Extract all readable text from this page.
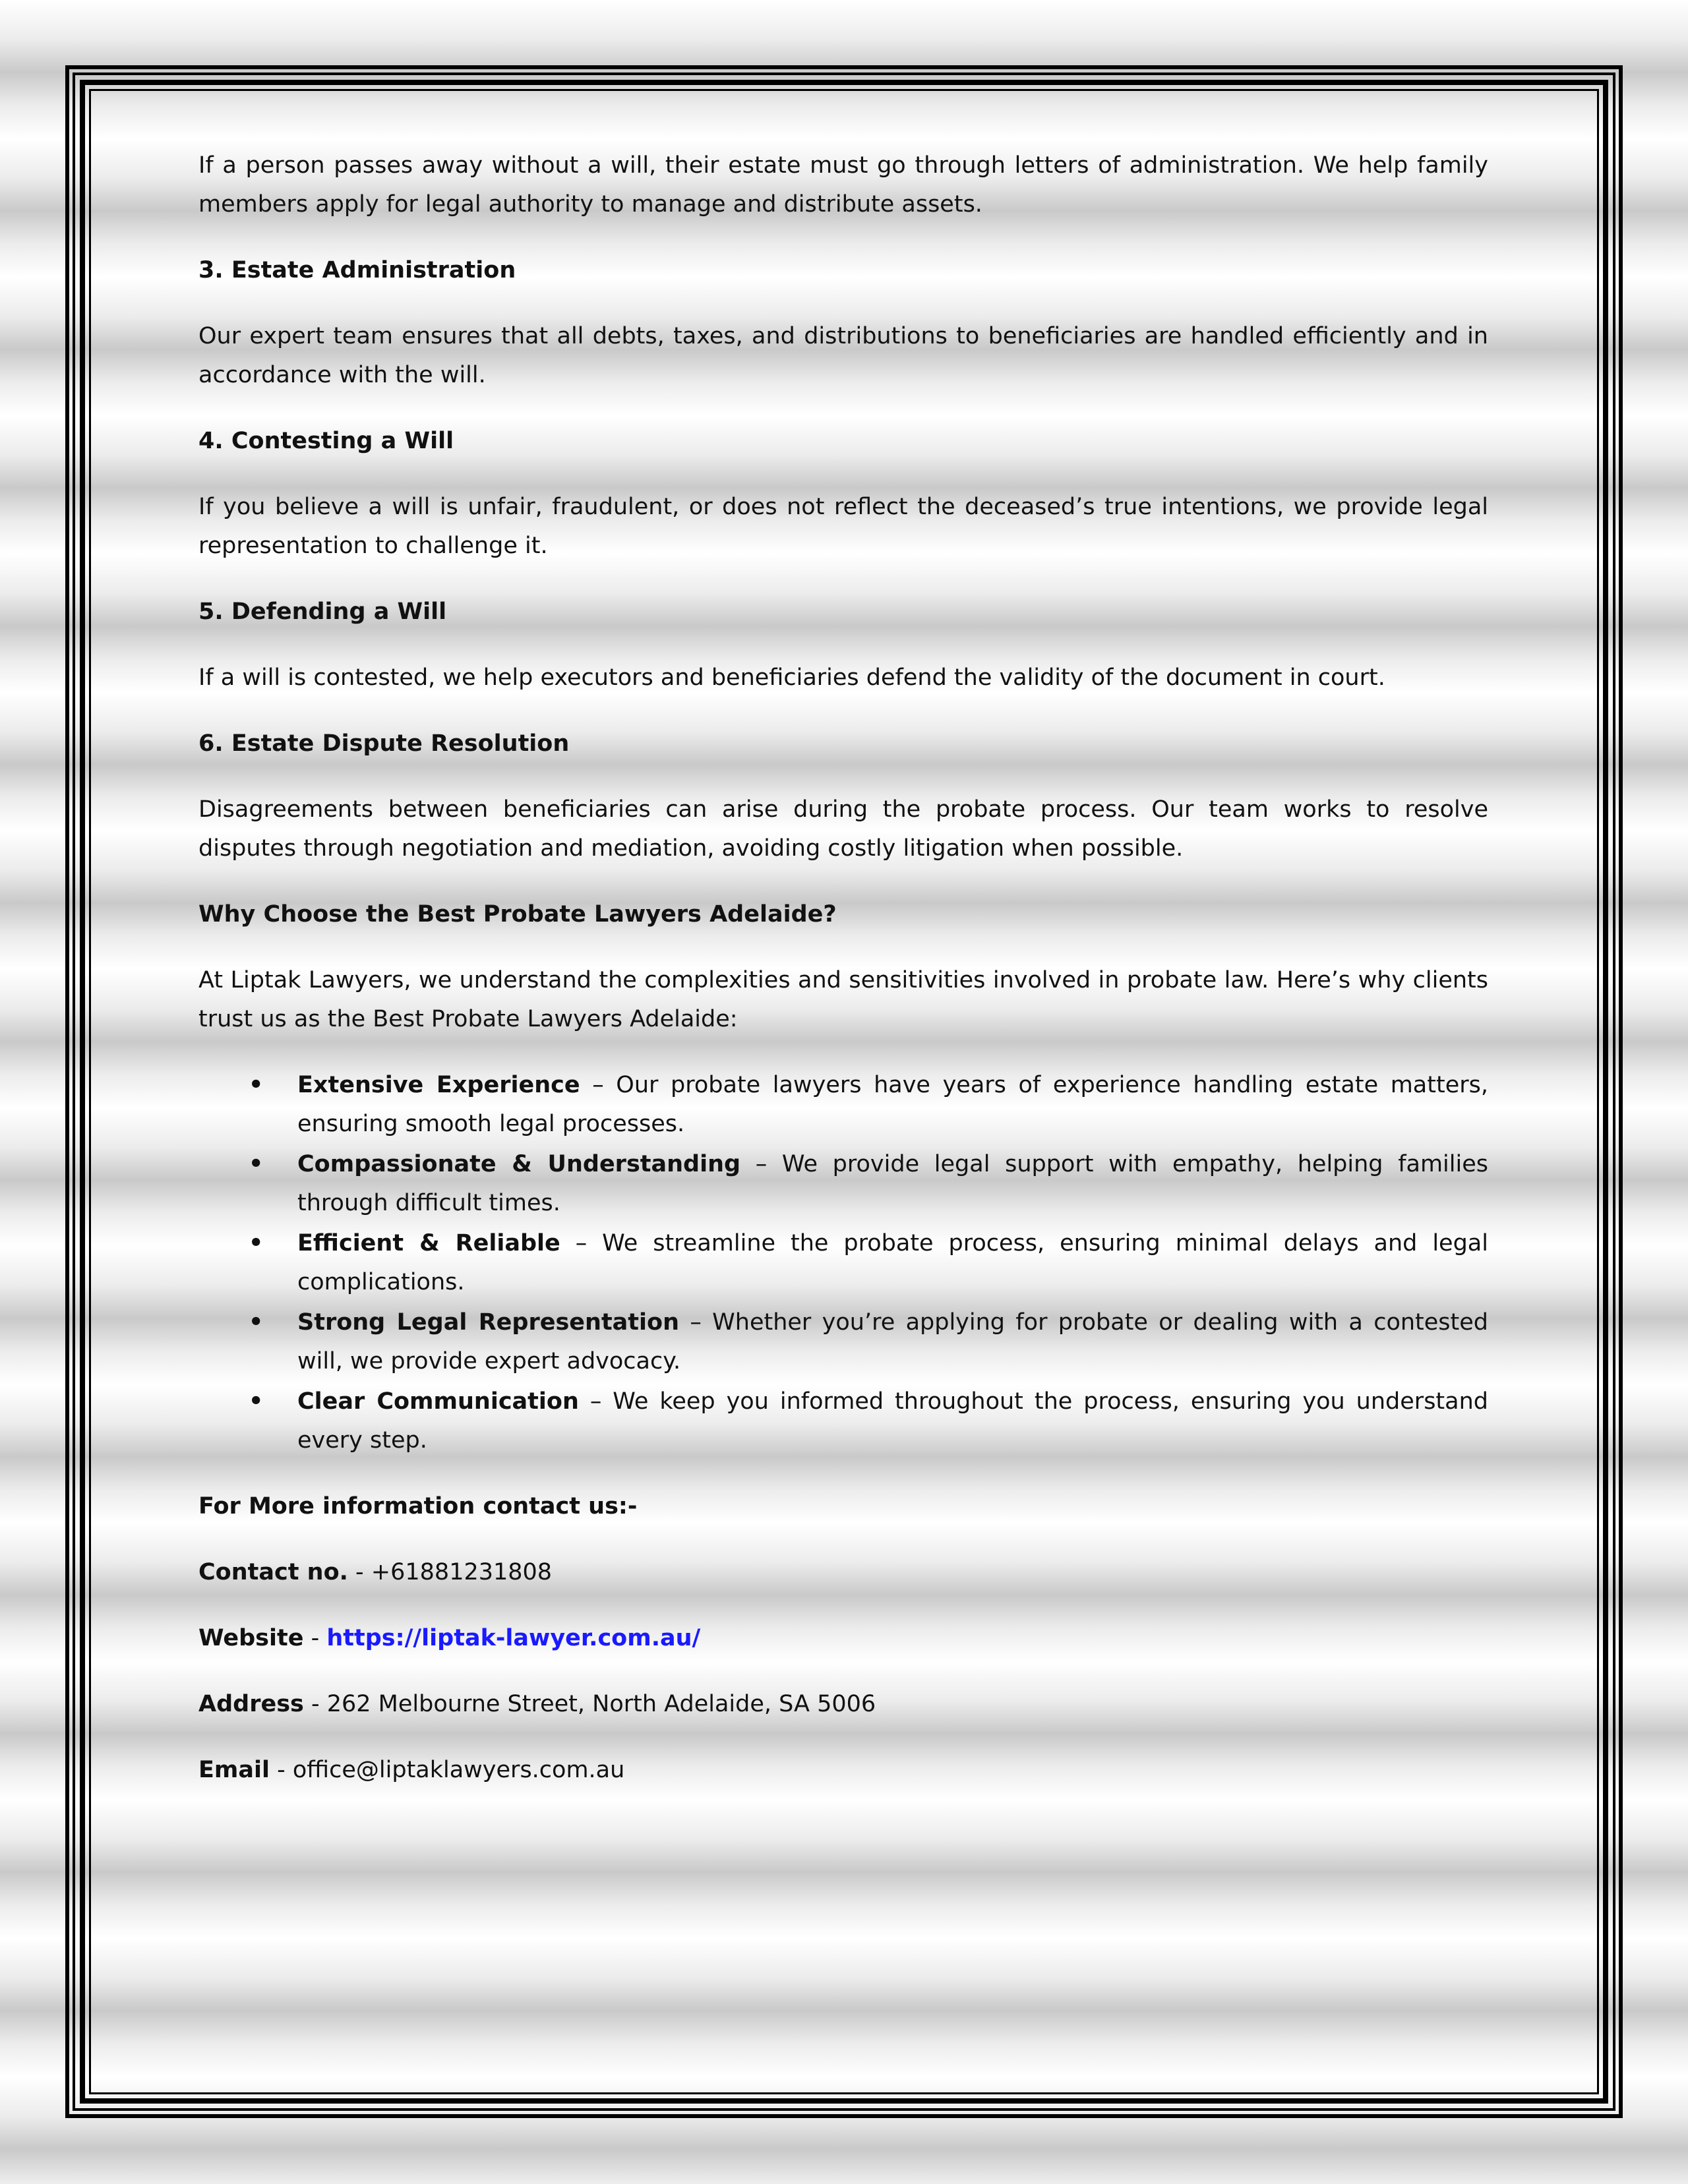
If a person passes away without a will, their estate must go through letters of administration. We help family members apply for legal authority to manage and distribute assets.

3. Estate Administration

Our expert team ensures that all debts, taxes, and distributions to beneficiaries are handled efficiently and in accordance with the will.

4. Contesting a Will

If you believe a will is unfair, fraudulent, or does not reflect the deceased’s true intentions, we provide legal representation to challenge it.

5. Defending a Will

If a will is contested, we help executors and beneficiaries defend the validity of the document in court.

6. Estate Dispute Resolution

Disagreements between beneficiaries can arise during the probate process. Our team works to resolve disputes through negotiation and mediation, avoiding costly litigation when possible.

Why Choose the Best Probate Lawyers Adelaide?

At Liptak Lawyers, we understand the complexities and sensitivities involved in probate law. Here’s why clients trust us as the Best Probate Lawyers Adelaide:

• Extensive Experience – Our probate lawyers have years of experience handling estate matters, ensuring smooth legal processes.
• Compassionate & Understanding – We provide legal support with empathy, helping families through difficult times.
• Efficient & Reliable – We streamline the probate process, ensuring minimal delays and legal complications.
• Strong Legal Representation – Whether you’re applying for probate or dealing with a contested will, we provide expert advocacy.
• Clear Communication – We keep you informed throughout the process, ensuring you understand every step.
For More information contact us:-
Contact no. - +61881231808
Website - https://liptak-lawyer.com.au/
Address - 262 Melbourne Street, North Adelaide, SA 5006
Email - office@liptaklawyers.com.au
